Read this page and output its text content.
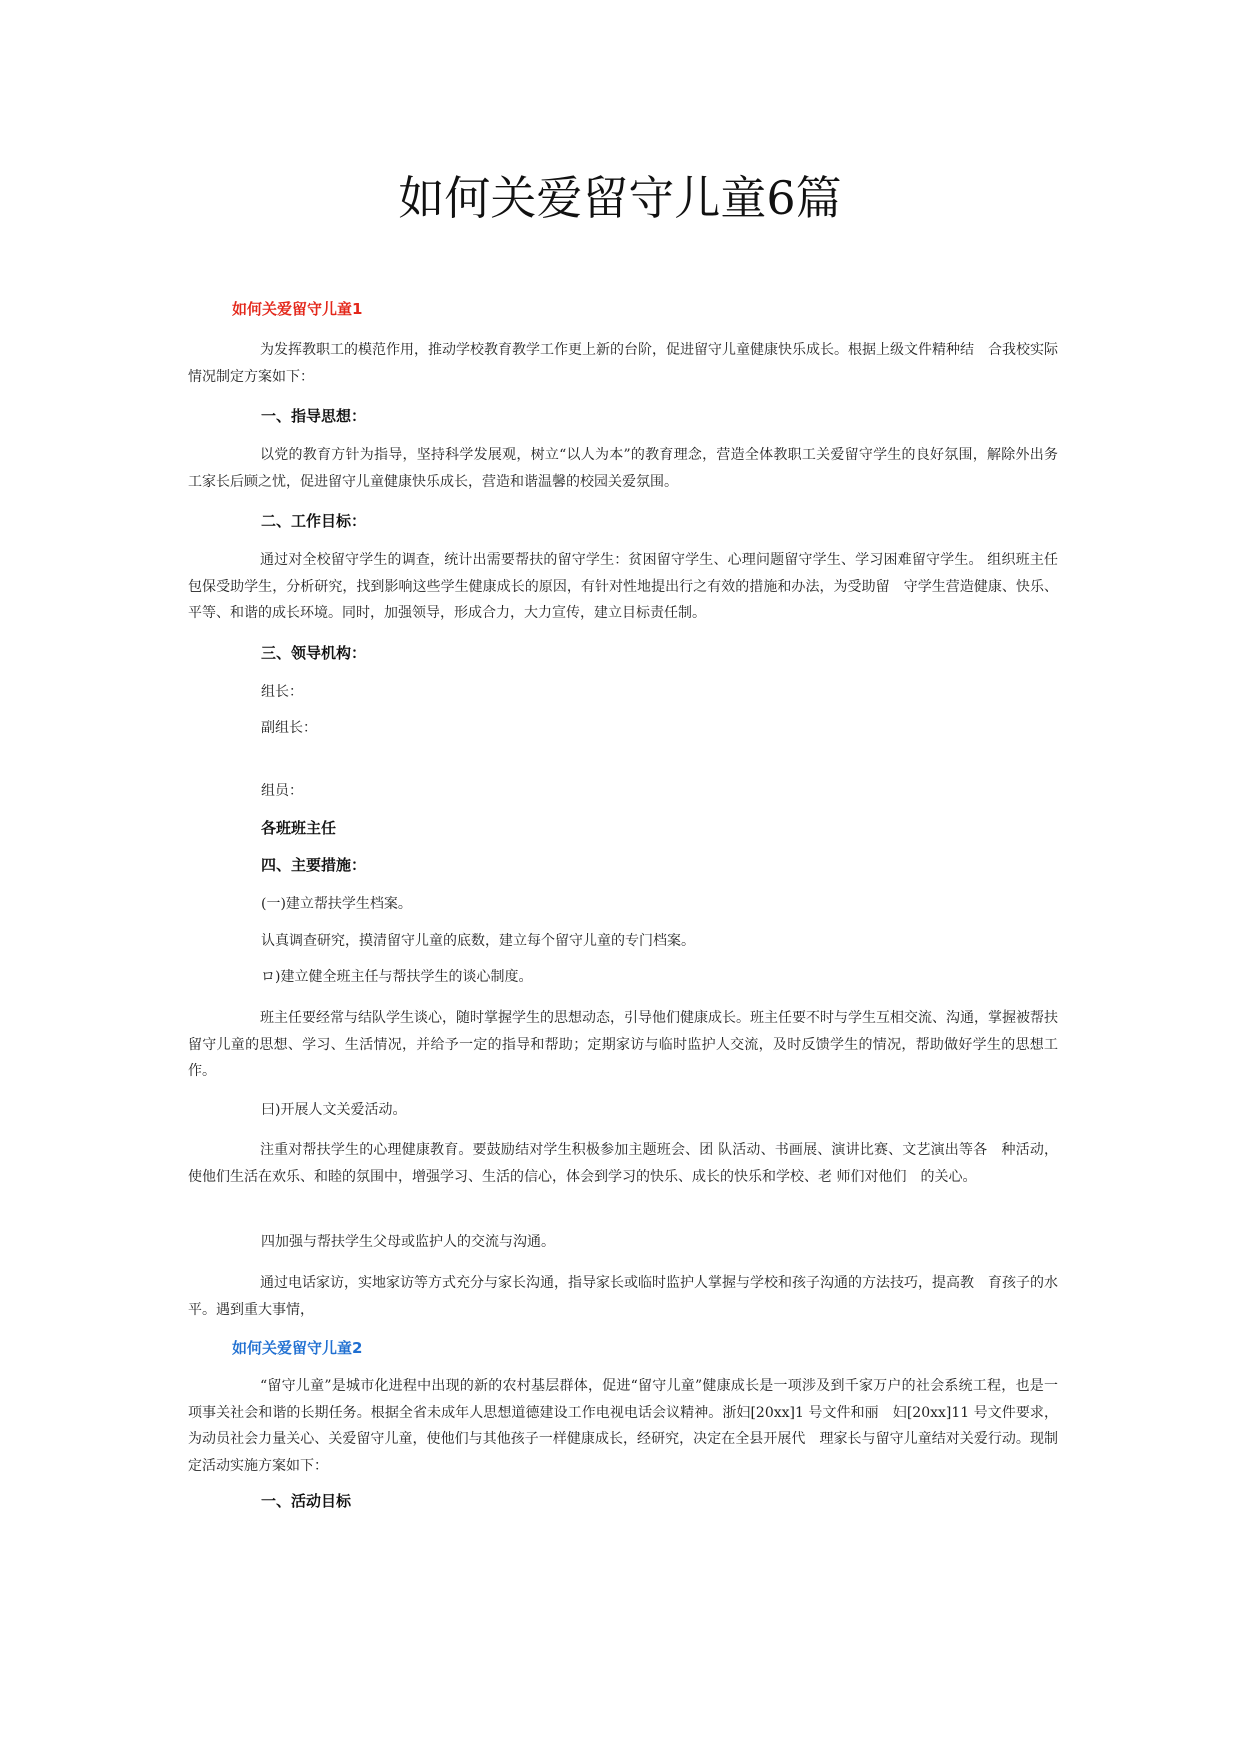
如何关爱留守儿童6篇
如何关爱留守儿童1
为发挥教职工的模范作用，推动学校教育教学工作更上新的台阶，促进留守儿童健康快乐成长。根据上级文件精种结　合我校实际情况制定方案如下：
一、指导思想：
以党的教育方针为指导，坚持科学发展观，树立“以人为本”的教育理念，营造全体教职工关爱留守学生的良好氛围，解除外出务工家长后顾之忧，促进留守儿童健康快乐成长，营造和谐温馨的校园关爱氛围。
二、工作目标：
通过对全校留守学生的调查，统计出需要帮扶的留守学生：贫困留守学生、心理问题留守学生、学习困难留守学生。 组织班主任包保受助学生，分析研究，找到影响这些学生健康成长的原因，有针对性地提出行之有效的措施和办法，为受助留　守学生营造健康、快乐、平等、和谐的成长环境。同时，加强领导，形成合力，大力宣传，建立目标责任制。
三、领导机构：
组长：
副组长：
组员：
各班班主任
四、主要措施：
(一)建立帮扶学生档案。
认真调查研究，摸清留守儿童的底数，建立每个留守儿童的专门档案。
ロ)建立健全班主任与帮扶学生的谈心制度。
班主任要经常与结队学生谈心，随时掌握学生的思想动态，引导他们健康成长。班主任要不时与学生互相交流、沟通，掌握被帮扶留守儿童的思想、学习、生活情况，并给予一定的指导和帮助；定期家访与临时监护人交流，及时反馈学生的情况，帮助做好学生的思想工作。
曰)开展人文关爱活动。
注重对帮扶学生的心理健康教育。要鼓励结对学生积极参加主题班会、团 队活动、书画展、演讲比赛、文艺演出等各　种活动，使他们生活在欢乐、和睦的氛围中，增强学习、生活的信心，体会到学习的快乐、成长的快乐和学校、老 师们对他们　的关心。
四加强与帮扶学生父母或监护人的交流与沟通。
通过电话家访，实地家访等方式充分与家长沟通，指导家长或临时监护人掌握与学校和孩子沟通的方法技巧，提高教　育孩子的水平。遇到重大事情，
如何关爱留守儿童2
“留守儿童”是城市化进程中出现的新的农村基层群体，促进“留守儿童”健康成长是一项涉及到千家万户的社会系统工程，也是一项事关社会和谐的长期任务。根据全省未成年人思想道德建设工作电视电话会议精神。浙妇[20xx]1 号文件和丽　妇[20xx]11 号文件要求，为动员社会力量关心、关爱留守儿童，使他们与其他孩子一样健康成长，经研究，决定在全县开展代　理家长与留守儿童结对关爱行动。现制定活动实施方案如下：
一、活动目标
